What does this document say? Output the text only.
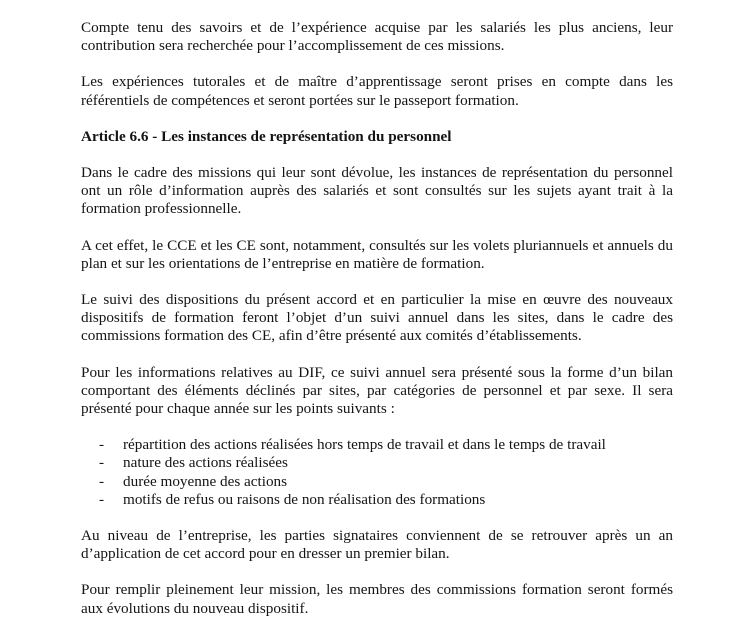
Compte tenu des savoirs et de l’expérience acquise par les salariés les plus anciens, leur contribution sera recherchée pour l’accomplissement de ces missions.

Les expériences tutorales et de maître d’apprentissage seront prises en compte dans les référentiels de compétences et seront portées sur le passeport formation.

Article 6.6 - Les instances de représentation du personnel

Dans le cadre des missions qui leur sont dévolue, les instances de représentation du personnel ont un rôle d’information auprès des salariés et sont consultés sur les sujets ayant trait à la formation professionnelle.

A cet effet, le CCE et les CE sont, notamment, consultés sur les volets pluriannuels et annuels du plan et sur les orientations de l’entreprise en matière de formation.

Le suivi des dispositions du présent accord et en particulier la mise en œuvre des nouveaux dispositifs de formation feront l’objet d’un suivi annuel dans les sites, dans le cadre des commissions formation des CE, afin d’être présenté aux comités d’établissements.

Pour les informations relatives au DIF, ce suivi annuel sera présenté sous la forme d’un bilan comportant des éléments déclinés par sites, par catégories de personnel et par sexe. Il sera présenté pour chaque année sur les points suivants :

- répartition des actions réalisées hors temps de travail et dans le temps de travail
- nature des actions réalisées
- durée moyenne des actions
- motifs de refus ou raisons de non réalisation des formations

Au niveau de l’entreprise, les parties signataires conviennent de se retrouver après un an d’application de cet accord pour en dresser un premier bilan.

Pour remplir pleinement leur mission, les membres des commissions formation seront formés aux évolutions du nouveau dispositif.
